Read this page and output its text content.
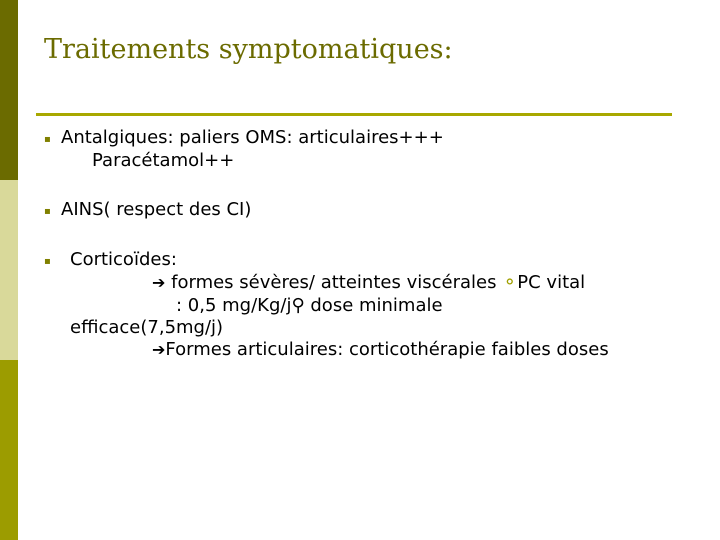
Traitements symptomatiques:
▪ Antalgiques: paliers OMS: articulaires+++
Paracétamol++
▪ AINS( respect des CI)
▪ Corticoïdes:
➔ formes sévères/ atteintes viscérales ⚬PC vital
: 0,5 mg/Kg/j⚲ dose minimale
efficace(7,5mg/j)
➔Formes articulaires: corticothérapie faibles doses
